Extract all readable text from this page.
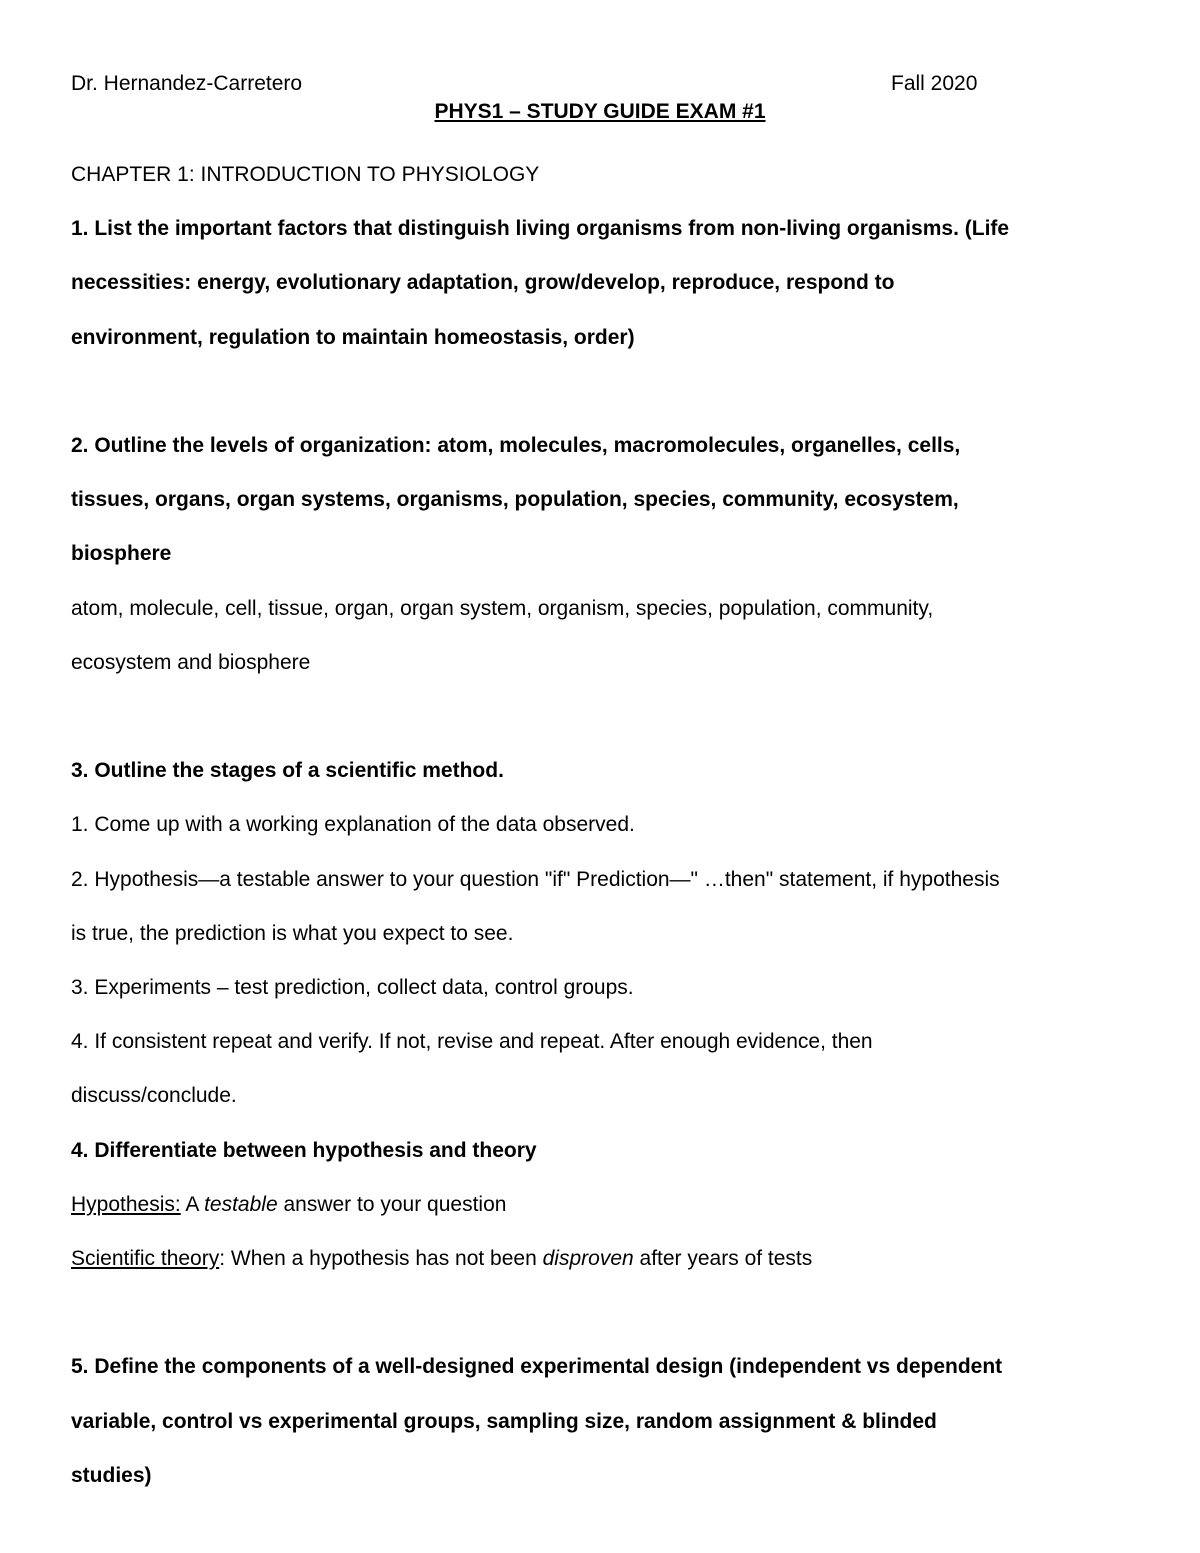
Dr. Hernandez-Carretero	Fall 2020
PHYS1 – STUDY GUIDE EXAM #1

CHAPTER 1: INTRODUCTION TO PHYSIOLOGY

1. List the important factors that distinguish living organisms from non-living organisms. (Life

necessities: energy, evolutionary adaptation, grow/develop, reproduce, respond to

environment, regulation to maintain homeostasis, order)

2. Outline the levels of organization: atom, molecules, macromolecules, organelles, cells,

tissues, organs, organ systems, organisms, population, species, community, ecosystem,

biosphere

atom, molecule, cell, tissue, organ, organ system, organism, species, population, community,

ecosystem and biosphere

3. Outline the stages of a scientific method.

1. Come up with a working explanation of the data observed.

2. Hypothesis—a testable answer to your question "if" Prediction—" …then" statement, if hypothesis

is true, the prediction is what you expect to see.

3. Experiments – test prediction, collect data, control groups.

4. If consistent repeat and verify. If not, revise and repeat. After enough evidence, then

discuss/conclude.

4. Differentiate between hypothesis and theory

Hypothesis: A testable answer to your question

Scientific theory: When a hypothesis has not been disproven after years of tests

5. Define the components of a well-designed experimental design (independent vs dependent

variable, control vs experimental groups, sampling size, random assignment & blinded

studies)
